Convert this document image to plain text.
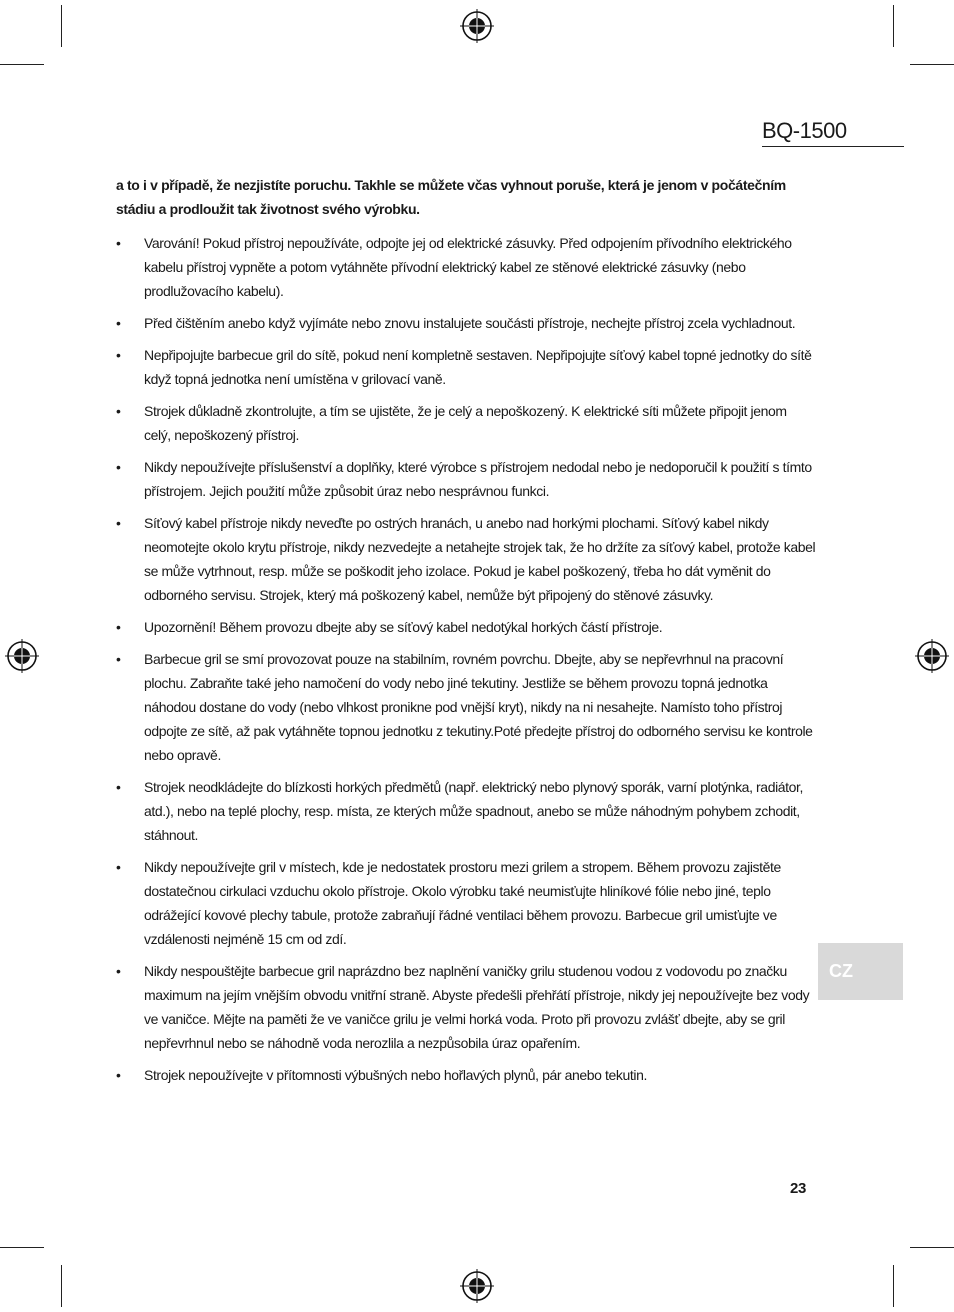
BQ-1500

a to i v případě, že nezjistíte poruchu. Takhle se můžete včas vyhnout poruše, která je jenom v počátečním stádiu a prodloužit tak životnost svého výrobku.

•	Varování! Pokud přístroj nepoužíváte, odpojte jej od elektrické zásuvky. Před odpojením přívodního elektrického kabelu přístroj vypněte a potom vytáhněte přívodní elektrický kabel ze stěnové elektrické zásuvky (nebo prodlužovacího kabelu).
•	Před čištěním anebo když vyjímáte nebo znovu instalujete součásti přístroje, nechejte přístroj zcela vychladnout.
•	Nepřipojujte barbecue gril do sítě, pokud není kompletně sestaven. Nepřipojujte síťový kabel topné jednotky do sítě když topná jednotka není umístěna v grilovací vaně.
•	Strojek důkladně zkontrolujte, a tím se ujistěte, že je celý a nepoškozený. K elektrické síti můžete připojit jenom celý, nepoškozený přístroj.
•	Nikdy nepoužívejte příslušenství a doplňky, které výrobce s přístrojem nedodal nebo je nedoporučil k použití s tímto přístrojem. Jejich použití může způsobit úraz nebo nesprávnou funkci.
•	Síťový kabel přístroje nikdy neveďte po ostrých hranách, u anebo nad horkými plochami. Síťový kabel nikdy neomotejte okolo krytu přístroje, nikdy nezvedejte a netahejte strojek tak, že ho držíte za síťový kabel, protože kabel se může vytrhnout, resp. může se poškodit jeho izolace. Pokud je kabel poškozený, třeba ho dát vyměnit do odborného servisu. Strojek, který má poškozený kabel, nemůže být připojený do stěnové zásuvky.
•	Upozornění! Během provozu dbejte aby se síťový kabel nedotýkal horkých částí přístroje.
•	Barbecue gril se smí provozovat pouze na stabilním, rovném povrchu. Dbejte, aby se nepřevrhnul na pracovní plochu. Zabraňte také jeho namočení do vody nebo jiné tekutiny. Jestliže se během provozu topná jednotka náhodou dostane do vody (nebo vlhkost pronikne pod vnější kryt), nikdy na ni nesahejte. Namísto toho přístroj odpojte ze sítě, až pak vytáhněte topnou jednotku z tekutiny.Poté předejte přístroj do odborného servisu ke kontrole nebo opravě.
•	Strojek neodkládejte do blízkosti horkých předmětů (např. elektrický nebo plynový sporák, varní plotýnka, radiátor, atd.), nebo na teplé plochy, resp. místa, ze kterých může spadnout, anebo se může náhodným pohybem zchodit, stáhnout.
•	Nikdy nepoužívejte gril v místech, kde je nedostatek prostoru mezi grilem a stropem. Během provozu zajistěte dostatečnou cirkulaci vzduchu okolo přístroje. Okolo výrobku také neumisťujte hliníkové fólie nebo jiné, teplo odrážející kovové plechy tabule, protože zabraňují řádné ventilaci během provozu. Barbecue gril umisťujte ve vzdálenosti nejméně 15 cm od zdí.
•	Nikdy nespouštějte barbecue gril naprázdno bez naplnění vaničky grilu studenou vodou z vodovodu po značku maximum na jejím vnějším obvodu vnitřní straně. Abyste předešli přehřátí přístroje, nikdy jej nepoužívejte bez vody ve vaničce. Mějte na paměti že ve vaničce grilu je velmi horká voda. Proto při provozu zvlášť dbejte, aby se gril nepřevrhnul nebo se náhodně voda nerozlila a nezpůsobila úraz opařením.
•	Strojek nepoužívejte v přítomnosti výbušných nebo hořlavých plynů, pár anebo tekutin.
CZ
23
